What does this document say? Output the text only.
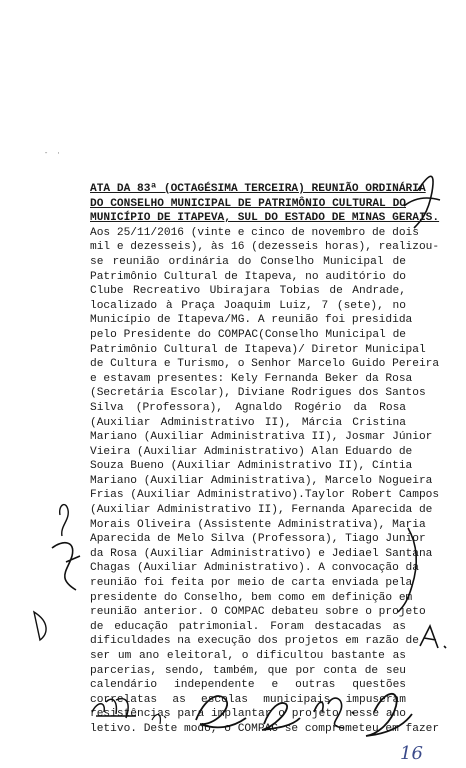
- ·
ATA DA 83ª (OCTAGÉSIMA TERCEIRA) REUNIÃO ORDINÁRIA
DO CONSELHO MUNICIPAL DE PATRIMÔNIO CULTURAL DO
MUNICÍPIO DE ITAPEVA, SUL DO ESTADO DE MINAS GERAIS.
Aos 25/11/2016 (vinte e cinco de novembro de dois
mil e dezesseis), às 16 (dezesseis horas), realizou-
se reunião ordinária do Conselho Municipal de
Patrimônio Cultural de Itapeva, no auditório do
Clube Recreativo Ubirajara Tobias de Andrade,
localizado à Praça Joaquim Luiz, 7 (sete), no
Município de Itapeva/MG. A reunião foi presidida
pelo Presidente do COMPAC(Conselho Municipal de
Patrimônio Cultural de Itapeva)/ Diretor Municipal
de Cultura e Turismo, o Senhor Marcelo Guido Pereira
e estavam presentes: Kely Fernanda Beker da Rosa
(Secretária Escolar), Diviane Rodrigues dos Santos
Silva (Professora), Agnaldo Rogério da Rosa
(Auxiliar Administrativo II), Márcia Cristina
Mariano (Auxiliar Administrativa II), Josmar Júnior
Vieira (Auxiliar Administrativo) Alan Eduardo de
Souza Bueno (Auxiliar Administrativo II), Cíntia
Mariano (Auxiliar Administrativa), Marcelo Nogueira
Frias (Auxiliar Administrativo).Taylor Robert Campos
(Auxiliar Administrativo II), Fernanda Aparecida de
Morais Oliveira (Assistente Administrativa), Maria
Aparecida de Melo Silva (Professora), Tiago Junior
da Rosa (Auxiliar Administrativo) e Jediael Santana
Chagas (Auxiliar Administrativo). A convocação da
reunião foi feita por meio de carta enviada pela
presidente do Conselho, bem como em definição em
reunião anterior. O COMPAC debateu sobre o projeto
de educação patrimonial. Foram destacadas as
dificuldades na execução dos projetos em razão de
ser um ano eleitoral, o dificultou bastante as
parcerias, sendo, também, que por conta de seu
calendário independente e outras questões
correlatas as escolas municipais impuseram
resistências para implantar o projeto nesse ano
letivo. Deste modo, o COMPAC se comprometeu em fazer
16
